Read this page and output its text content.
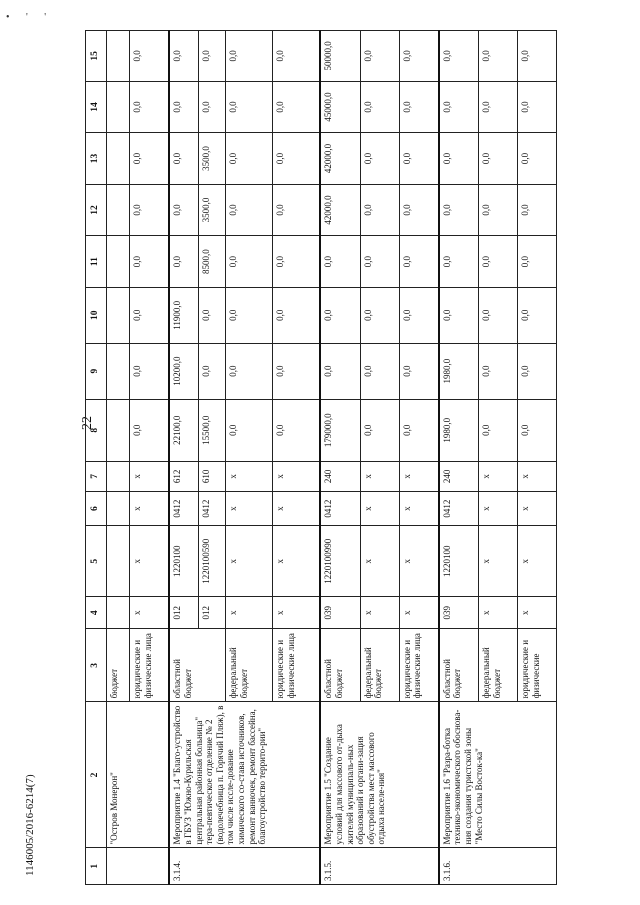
• ' '
22
1146005/2016-6214(7)	1	2	3	4	5	6	7	8	9	10	11	12	13	14	15
	"Остров Монерон"	бюджет												
		юридические и физические лица	x	x	x	x	0,0	0,0	0,0	0,0	0,0	0,0	0,0	0,0
3.1.4.	Мероприятие 1.4 "Благо-устройство в ГБУЗ "Южно-Курильская центральная районная больница" тера-певтическое отделение № 2 (водолечебница п. Горячий Пляж), в том числе иссле-дование химического со-става источников, ремонт ванночек, ремонт бассейна, благоустройство террито-рии"	областной бюджет	012	1220100	0412	612	22100,0	10200,0	11900,0	0,0	0,0	0,0	0,0	0,0
			012	1220100590	0412	610	15500,0	0,0	0,0	8500,0	3500,0	3500,0	0,0	0,0
		федеральный бюджет	x	x	x	x	0,0	0,0	0,0	0,0	0,0	0,0	0,0	0,0
		юридические и физические лица	x	x	x	x	0,0	0,0	0,0	0,0	0,0	0,0	0,0	0,0
3.1.5.	Мероприятие 1.5 "Создание условий для массового от-дыха жителей муниципаль-ных образований и органи-зация обустройства мест массового отдыха населе-ния"	областной бюджет	039	1220100990	0412	240	179000,0	0,0	0,0	0,0	42000,0	42000,0	45000,0	50000,0
		федеральный бюджет	x	x	x	x	0,0	0,0	0,0	0,0	0,0	0,0	0,0	0,0
		юридические и физические лица	x	x	x	x	0,0	0,0	0,0	0,0	0,0	0,0	0,0	0,0
3.1.6.	Мероприятие 1.6 "Разра-ботка технико-экономического обоснова-ния создания туристской зоны "Место Силы Восток-ка"	областной бюджет	039	1220100	0412	240	1980,0	1980,0	0,0	0,0	0,0	0,0	0,0	0,0
		федеральный бюджет	x	x	x	x	0,0	0,0	0,0	0,0	0,0	0,0	0,0	0,0
		юридические и физические	x	x	x	x	0,0	0,0	0,0	0,0	0,0	0,0	0,0	0,0
